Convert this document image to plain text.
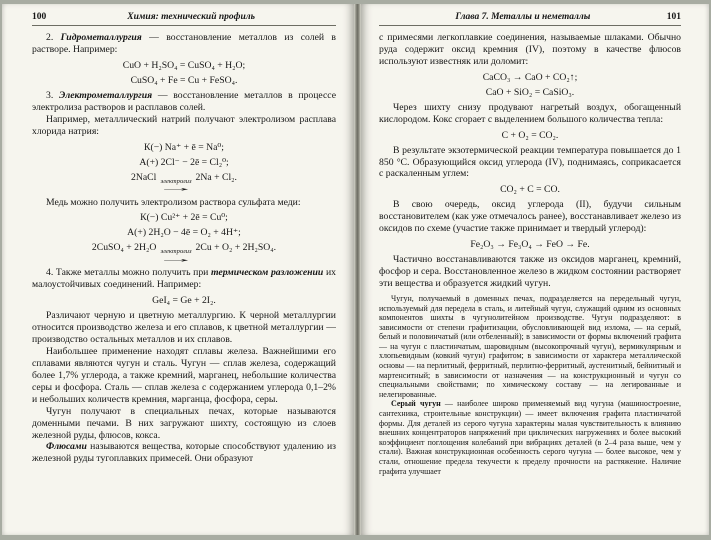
100	Химия: технический профиль

2. Гидрометаллургия — восстановление металлов из солей в растворе. Например:

CuO + H₂SO₄ = CuSO₄ + H₂O;
CuSO₄ + Fe = Cu + FeSO₄.

3. Электрометаллургия — восстановление металлов в процессе электролиза растворов и расплавов солей.

Например, металлический натрий получают электролизом расплава хлорида натрия:

К(−) Na⁺ + ē = Na⁰;
А(+) 2Cl⁻ − 2ē = Cl₂⁰;
2NaCl электролиз
→
2Na + Cl₂.

Медь можно получить электролизом раствора сульфата меди:

К(−) Cu²⁺ + 2ē = Cu⁰;
А(+) 2H₂O − 4ē = O₂ + 4H⁺;
2CuSO₄ + 2H₂O электролиз
→
2Cu + O₂ + 2H₂SO₄.

4. Также металлы можно получить при термическом разложении их малоустойчивых соединений. Например:

GeI₄ = Ge + 2I₂.

Различают черную и цветную металлургию. К черной металлургии относится производство железа и его сплавов, к цветной металлургии — производство остальных металлов и их сплавов.

Наибольшее применение находят сплавы железа. Важнейшими его сплавами являются чугун и сталь. Чугун — сплав железа, содержащий более 1,7% углерода, а также кремний, марганец, небольшие количества серы и фосфора. Сталь — сплав железа с содержанием углерода 0,1–2% и небольших количеств кремния, марганца, фосфора, серы.

Чугун получают в специальных печах, которые называются доменными печами. В них загружают шихту, состоящую из слоев железной руды, флюсов, кокса.

Флюсами называются вещества, которые способствуют удалению из железной руды тугоплавких примесей. Они образуют

Глава 7. Металлы и неметаллы	101

с примесями легкоплавкие соединения, называемые шлаками. Обычно руда содержит оксид кремния (IV), поэтому в качестве флюсов используют известняк или доломит:

CaCO₃ → CaO + CO₂↑;
CaO + SiO₂ = CaSiO₃.

Через шихту снизу продувают нагретый воздух, обогащенный кислородом. Кокс сгорает с выделением большого количества тепла:

C + O₂ = CO₂.

В результате экзотермической реакции температура повышается до 1 850 °C. Образующийся оксид углерода (IV), поднимаясь, соприкасается с раскаленным углем:

CO₂ + C = CO.

В свою очередь, оксид углерода (II), будучи сильным восстановителем (как уже отмечалось ранее), восстанавливает железо из оксидов по схеме (участие также принимает и твердый углерод):

Fe₂O₃ → Fe₃O₄ → FeO → Fe.

Частично восстанавливаются также из оксидов марганец, кремний, фосфор и сера. Восстановленное железо в жидком состоянии растворяет эти вещества и образуется жидкий чугун.

Чугун, получаемый в доменных печах, подразделяется на передельный чугун, используемый для передела в сталь, и литейный чугун, служащий одним из основных компонентов шихты в чугунолитейном производстве. Чугун подразделяют: в зависимости от степени графитизации, обусловливающей вид излома, — на серый, белый и половинчатый (или отбеленный); в зависимости от формы включений графита — на чугун с пластинчатым, шаровидным (высокопрочный чугун), вермикулярным и хлопьевидным (ковкий чугун) графитом; в зависимости от характера металлической основы — на перлитный, ферритный, перлитно-ферритный, аустенитный, бейнитный и мартенситный; в зависимости от назначения — на конструкционный и чугун со специальными свойствами; по химическому составу — на легированные и нелегированные.

Серый чугун — наиболее широко применяемый вид чугуна (машиностроение, сантехника, строительные конструкции) — имеет включения графита пластинчатой формы. Для деталей из серого чугуна характерны малая чувствительность к влиянию внешних концентраторов напряжений при циклических нагружениях и более высокий коэффициент поглощения колебаний при вибрациях деталей (в 2–4 раза выше, чем у стали). Важная конструкционная особенность серого чугуна — более высокое, чем у стали, отношение предела текучести к пределу прочности на растяжение. Наличие графита улучшает
